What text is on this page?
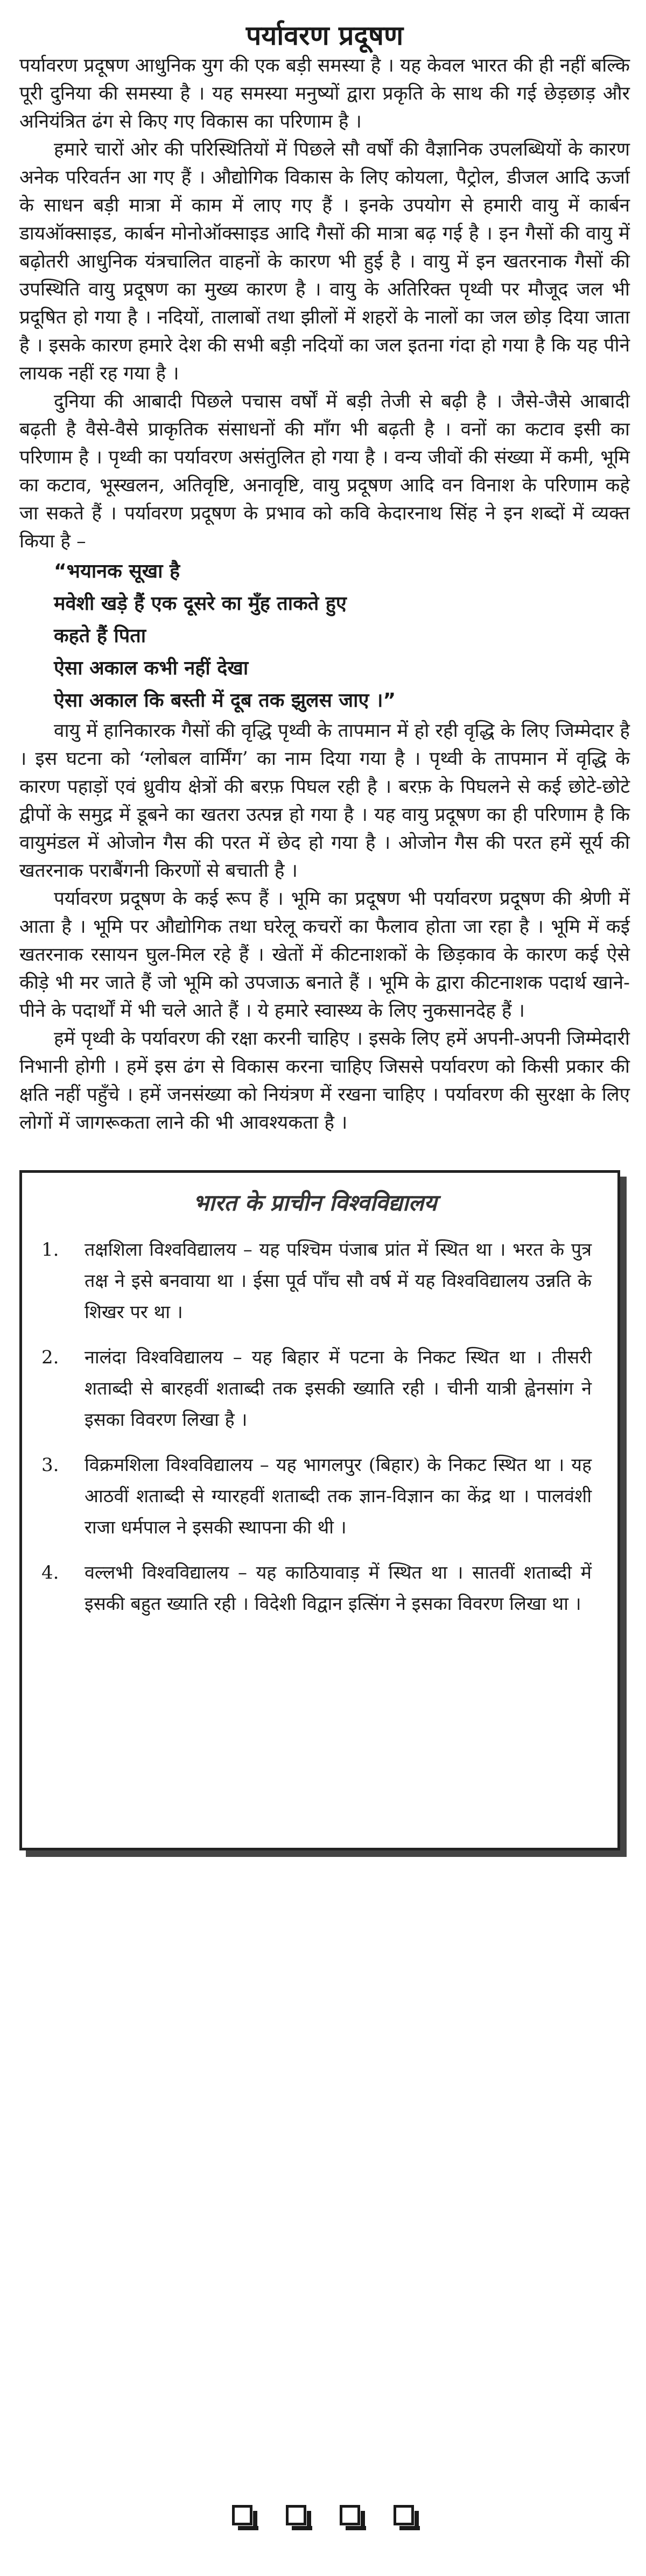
पर्यावरण प्रदूषण

पर्यावरण प्रदूषण आधुनिक युग की एक बड़ी समस्या है । यह केवल भारत की ही नहीं बल्कि पूरी दुनिया की समस्या है । यह समस्या मनुष्यों द्वारा प्रकृति के साथ की गई छेड़छाड़ और अनियंत्रित ढंग से किए गए विकास का परिणाम है ।

हमारे चारों ओर की परिस्थितियों में पिछले सौ वर्षों की वैज्ञानिक उपलब्धियों के कारण अनेक परिवर्तन आ गए हैं । औद्योगिक विकास के लिए कोयला, पैट्रोल, डीजल आदि ऊर्जा के साधन बड़ी मात्रा में काम में लाए गए हैं । इनके उपयोग से हमारी वायु में कार्बन डायऑक्साइड, कार्बन मोनोऑक्साइड आदि गैसों की मात्रा बढ़ गई है । इन गैसों की वायु में बढ़ोतरी आधुनिक यंत्रचालित वाहनों के कारण भी हुई है । वायु में इन खतरनाक गैसों की उपस्थिति वायु प्रदूषण का मुख्य कारण है । वायु के अतिरिक्त पृथ्वी पर मौजूद जल भी प्रदूषित हो गया है । नदियों, तालाबों तथा झीलों में शहरों के नालों का जल छोड़ दिया जाता है । इसके कारण हमारे देश की सभी बड़ी नदियों का जल इतना गंदा हो गया है कि यह पीने लायक नहीं रह गया है ।

दुनिया की आबादी पिछले पचास वर्षों में बड़ी तेजी से बढ़ी है । जैसे-जैसे आबादी बढ़ती है वैसे-वैसे प्राकृतिक संसाधनों की माँग भी बढ़ती है । वनों का कटाव इसी का परिणाम है । पृथ्वी का पर्यावरण असंतुलित हो गया है । वन्य जीवों की संख्या में कमी, भूमि का कटाव, भूस्खलन, अतिवृष्टि, अनावृष्टि, वायु प्रदूषण आदि वन विनाश के परिणाम कहे जा सकते हैं । पर्यावरण प्रदूषण के प्रभाव को कवि केदारनाथ सिंह ने इन शब्दों में व्यक्त किया है –

“भयानक सूखा है
मवेशी खड़े हैं एक दूसरे का मुँह ताकते हुए
कहते हैं पिता
ऐसा अकाल कभी नहीं देखा
ऐसा अकाल कि बस्ती में दूब तक झुलस जाए ।”

वायु में हानिकारक गैसों की वृद्धि पृथ्वी के तापमान में हो रही वृद्धि के लिए जिम्मेदार है । इस घटना को ‘ग्लोबल वार्मिंग’ का नाम दिया गया है । पृथ्वी के तापमान में वृद्धि के कारण पहाड़ों एवं ध्रुवीय क्षेत्रों की बरफ़ पिघल रही है । बरफ़ के पिघलने से कई छोटे-छोटे द्वीपों के समुद्र में डूबने का खतरा उत्पन्न हो गया है । यह वायु प्रदूषण का ही परिणाम है कि वायुमंडल में ओजोन गैस की परत में छेद हो गया है । ओजोन गैस की परत हमें सूर्य की खतरनाक पराबैंगनी किरणों से बचाती है ।

पर्यावरण प्रदूषण के कई रूप हैं । भूमि का प्रदूषण भी पर्यावरण प्रदूषण की श्रेणी में आता है । भूमि पर औद्योगिक तथा घरेलू कचरों का फैलाव होता जा रहा है । भूमि में कई खतरनाक रसायन घुल-मिल रहे हैं । खेतों में कीटनाशकों के छिड़काव के कारण कई ऐसे कीड़े भी मर जाते हैं जो भूमि को उपजाऊ बनाते हैं । भूमि के द्वारा कीटनाशक पदार्थ खाने-पीने के पदार्थों में भी चले आते हैं । ये हमारे स्वास्थ्य के लिए नुकसानदेह हैं ।

हमें पृथ्वी के पर्यावरण की रक्षा करनी चाहिए । इसके लिए हमें अपनी-अपनी जिम्मेदारी निभानी होगी । हमें इस ढंग से विकास करना चाहिए जिससे पर्यावरण को किसी प्रकार की क्षति नहीं पहुँचे । हमें जनसंख्या को नियंत्रण में रखना चाहिए । पर्यावरण की सुरक्षा के लिए लोगों में जागरूकता लाने की भी आवश्यकता है ।

भारत के प्राचीन विश्वविद्यालय
1. तक्षशिला विश्वविद्यालय – यह पश्चिम पंजाब प्रांत में स्थित था । भरत के पुत्र तक्ष ने इसे बनवाया था । ईसा पूर्व पाँच सौ वर्ष में यह विश्वविद्यालय उन्नति के शिखर पर था ।
2. नालंदा विश्वविद्यालय – यह बिहार में पटना के निकट स्थित था । तीसरी शताब्दी से बारहवीं शताब्दी तक इसकी ख्याति रही । चीनी यात्री ह्वेनसांग ने इसका विवरण लिखा है ।
3. विक्रमशिला विश्वविद्यालय – यह भागलपुर (बिहार) के निकट स्थित था । यह आठवीं शताब्दी से ग्यारहवीं शताब्दी तक ज्ञान-विज्ञान का केंद्र था । पालवंशी राजा धर्मपाल ने इसकी स्थापना की थी ।
4. वल्लभी विश्वविद्यालय – यह काठियावाड़ में स्थित था । सातवीं शताब्दी में इसकी बहुत ख्याति रही । विदेशी विद्वान इत्सिंग ने इसका विवरण लिखा था ।
